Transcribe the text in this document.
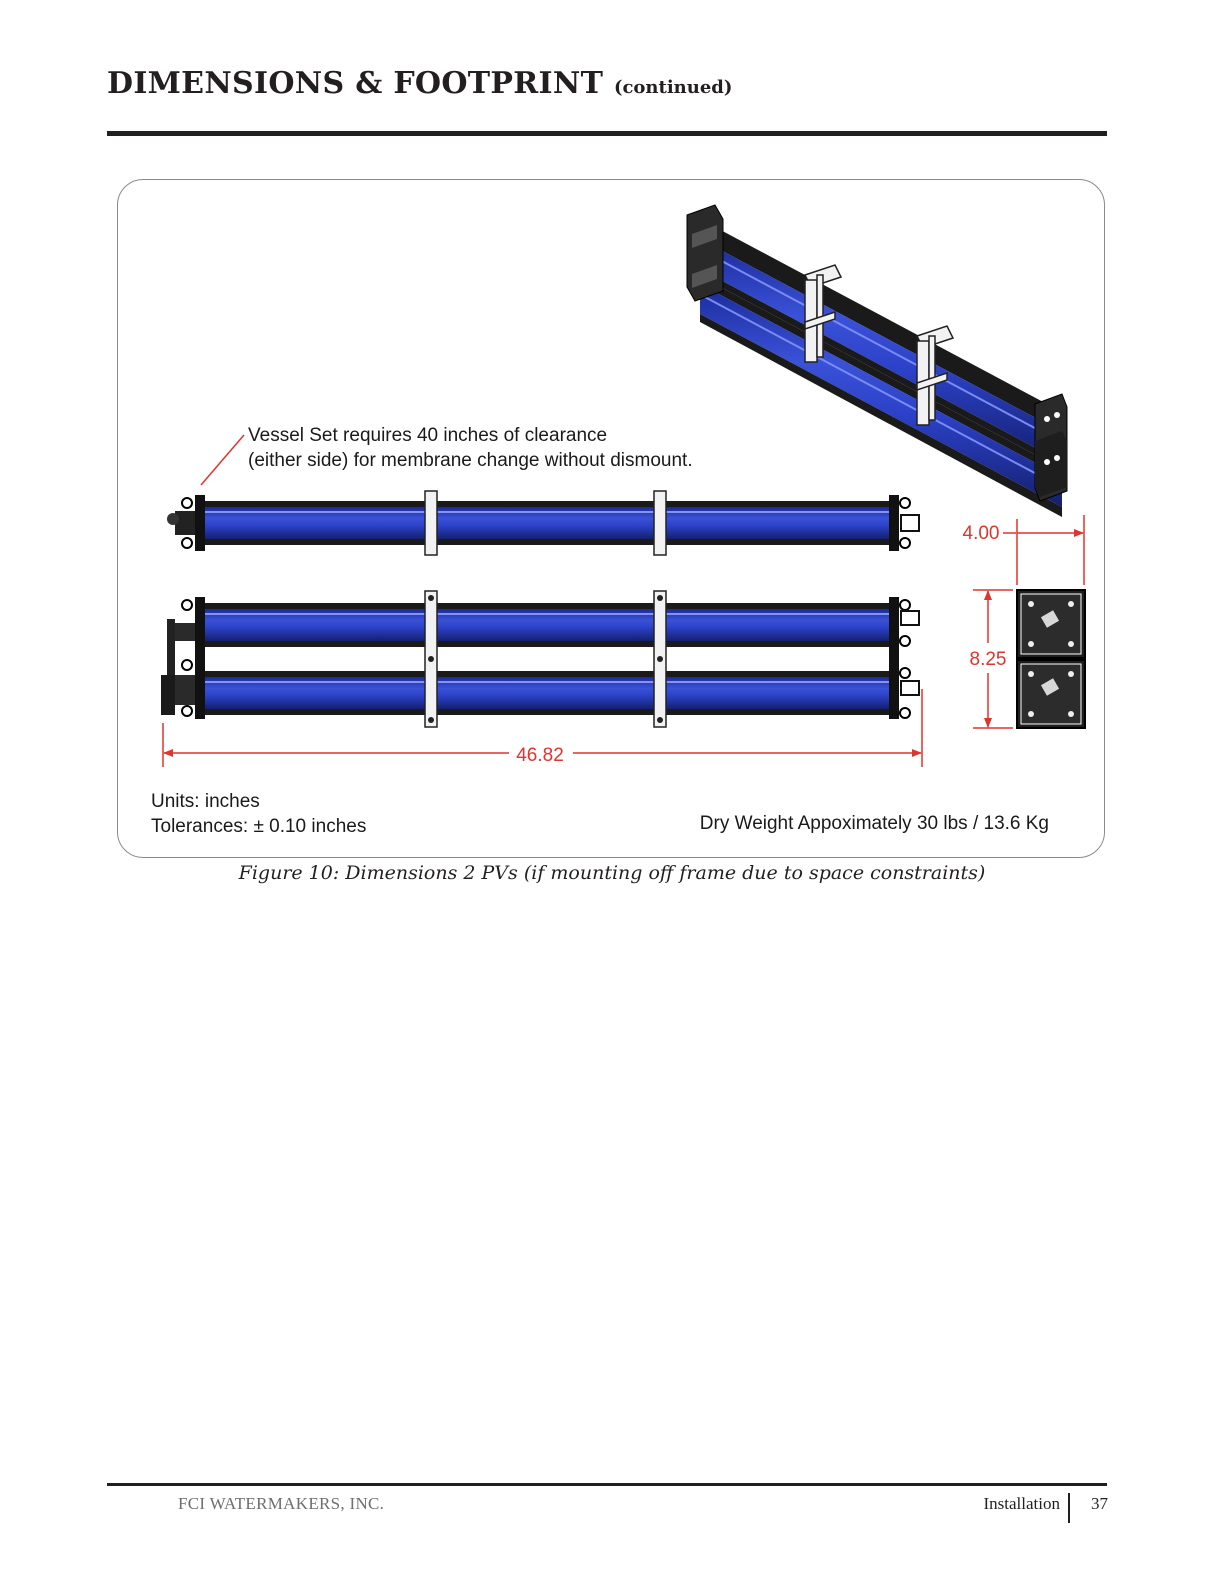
DIMENSIONS & FOOTPRINT (continued)
46.82
4.00
8.25
Vessel Set requires 40 inches of clearance
(either side) for membrane change without dismount.
Units: inches
Tolerances: ± 0.10 inches	Dry Weight Appoximately 30 lbs / 13.6 Kg
Figure 10: Dimensions 2 PVs (if mounting off frame due to space constraints)
FCI WATERMAKERS, INC.	Installation	37
